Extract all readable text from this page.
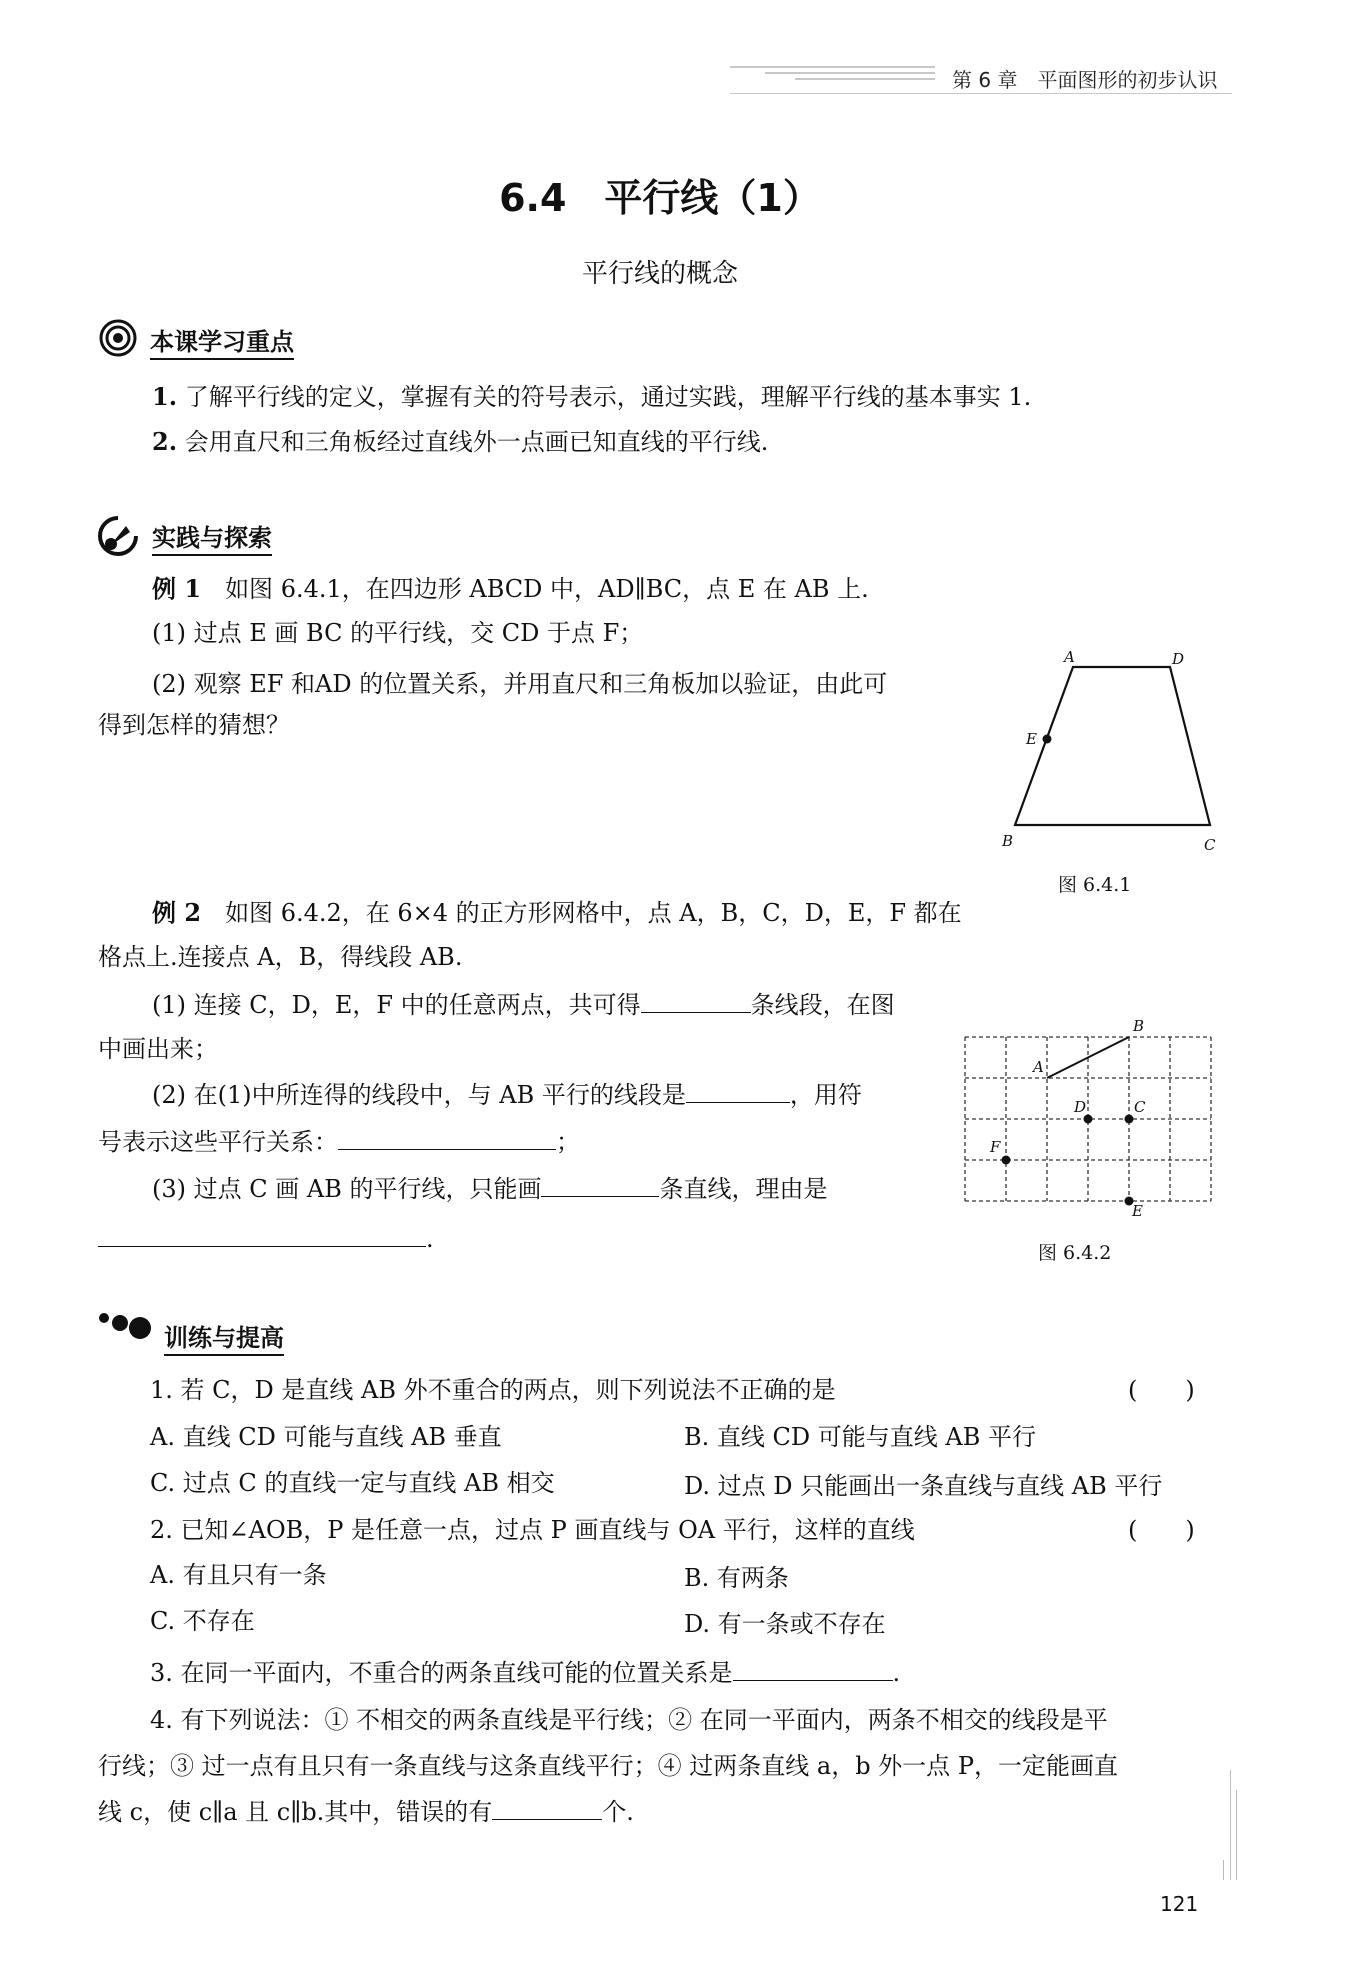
第 6 章　平面图形的初步认识
6.4　平行线（1）
平行线的概念
本课学习重点
1. 了解平行线的定义，掌握有关的符号表示，通过实践，理解平行线的基本事实 1.
2. 会用直尺和三角板经过直线外一点画已知直线的平行线.
实践与探索
例 1　 如图 6.4.1，在四边形 ABCD 中，AD∥BC，点 E 在 AB 上.
(1) 过点 E 画 BC 的平行线，交 CD 于点 F；
(2) 观察 EF 和AD 的位置关系，并用直尺和三角板加以验证，由此可
得到怎样的猜想？
A	D
E
B	C
图 6.4.1
例 2　 如图 6.4.2，在 6×4 的正方形网格中，点 A，B，C，D，E，F 都在
格点上.连接点 A，B，得线段 AB.
(1) 连接 C，D，E，F 中的任意两点，共可得	条线段，在图
中画出来；
(2) 在(1)中所连得的线段中，与 AB 平行的线段是	，用符
号表示这些平行关系：	；
(3) 过点 C 画 AB 的平行线，只能画	条直线，理由是
.
A
B
D	C
F
E
图 6.4.2
训练与提高
1. 若 C，D 是直线 AB 外不重合的两点，则下列说法不正确的是	(　　)
A. 直线 CD 可能与直线 AB 垂直	B. 直线 CD 可能与直线 AB 平行
C. 过点 C 的直线一定与直线 AB 相交	D. 过点 D 只能画出一条直线与直线 AB 平行
2. 已知∠AOB，P 是任意一点，过点 P 画直线与 OA 平行，这样的直线	(　　)
A. 有且只有一条	B. 有两条
C. 不存在	D. 有一条或不存在
3. 在同一平面内，不重合的两条直线可能的位置关系是	.
4. 有下列说法：① 不相交的两条直线是平行线；② 在同一平面内，两条不相交的线段是平
行线；③ 过一点有且只有一条直线与这条直线平行；④ 过两条直线 a，b 外一点 P，一定能画直
线 c，使 c∥a 且 c∥b.其中，错误的有	个.
121
